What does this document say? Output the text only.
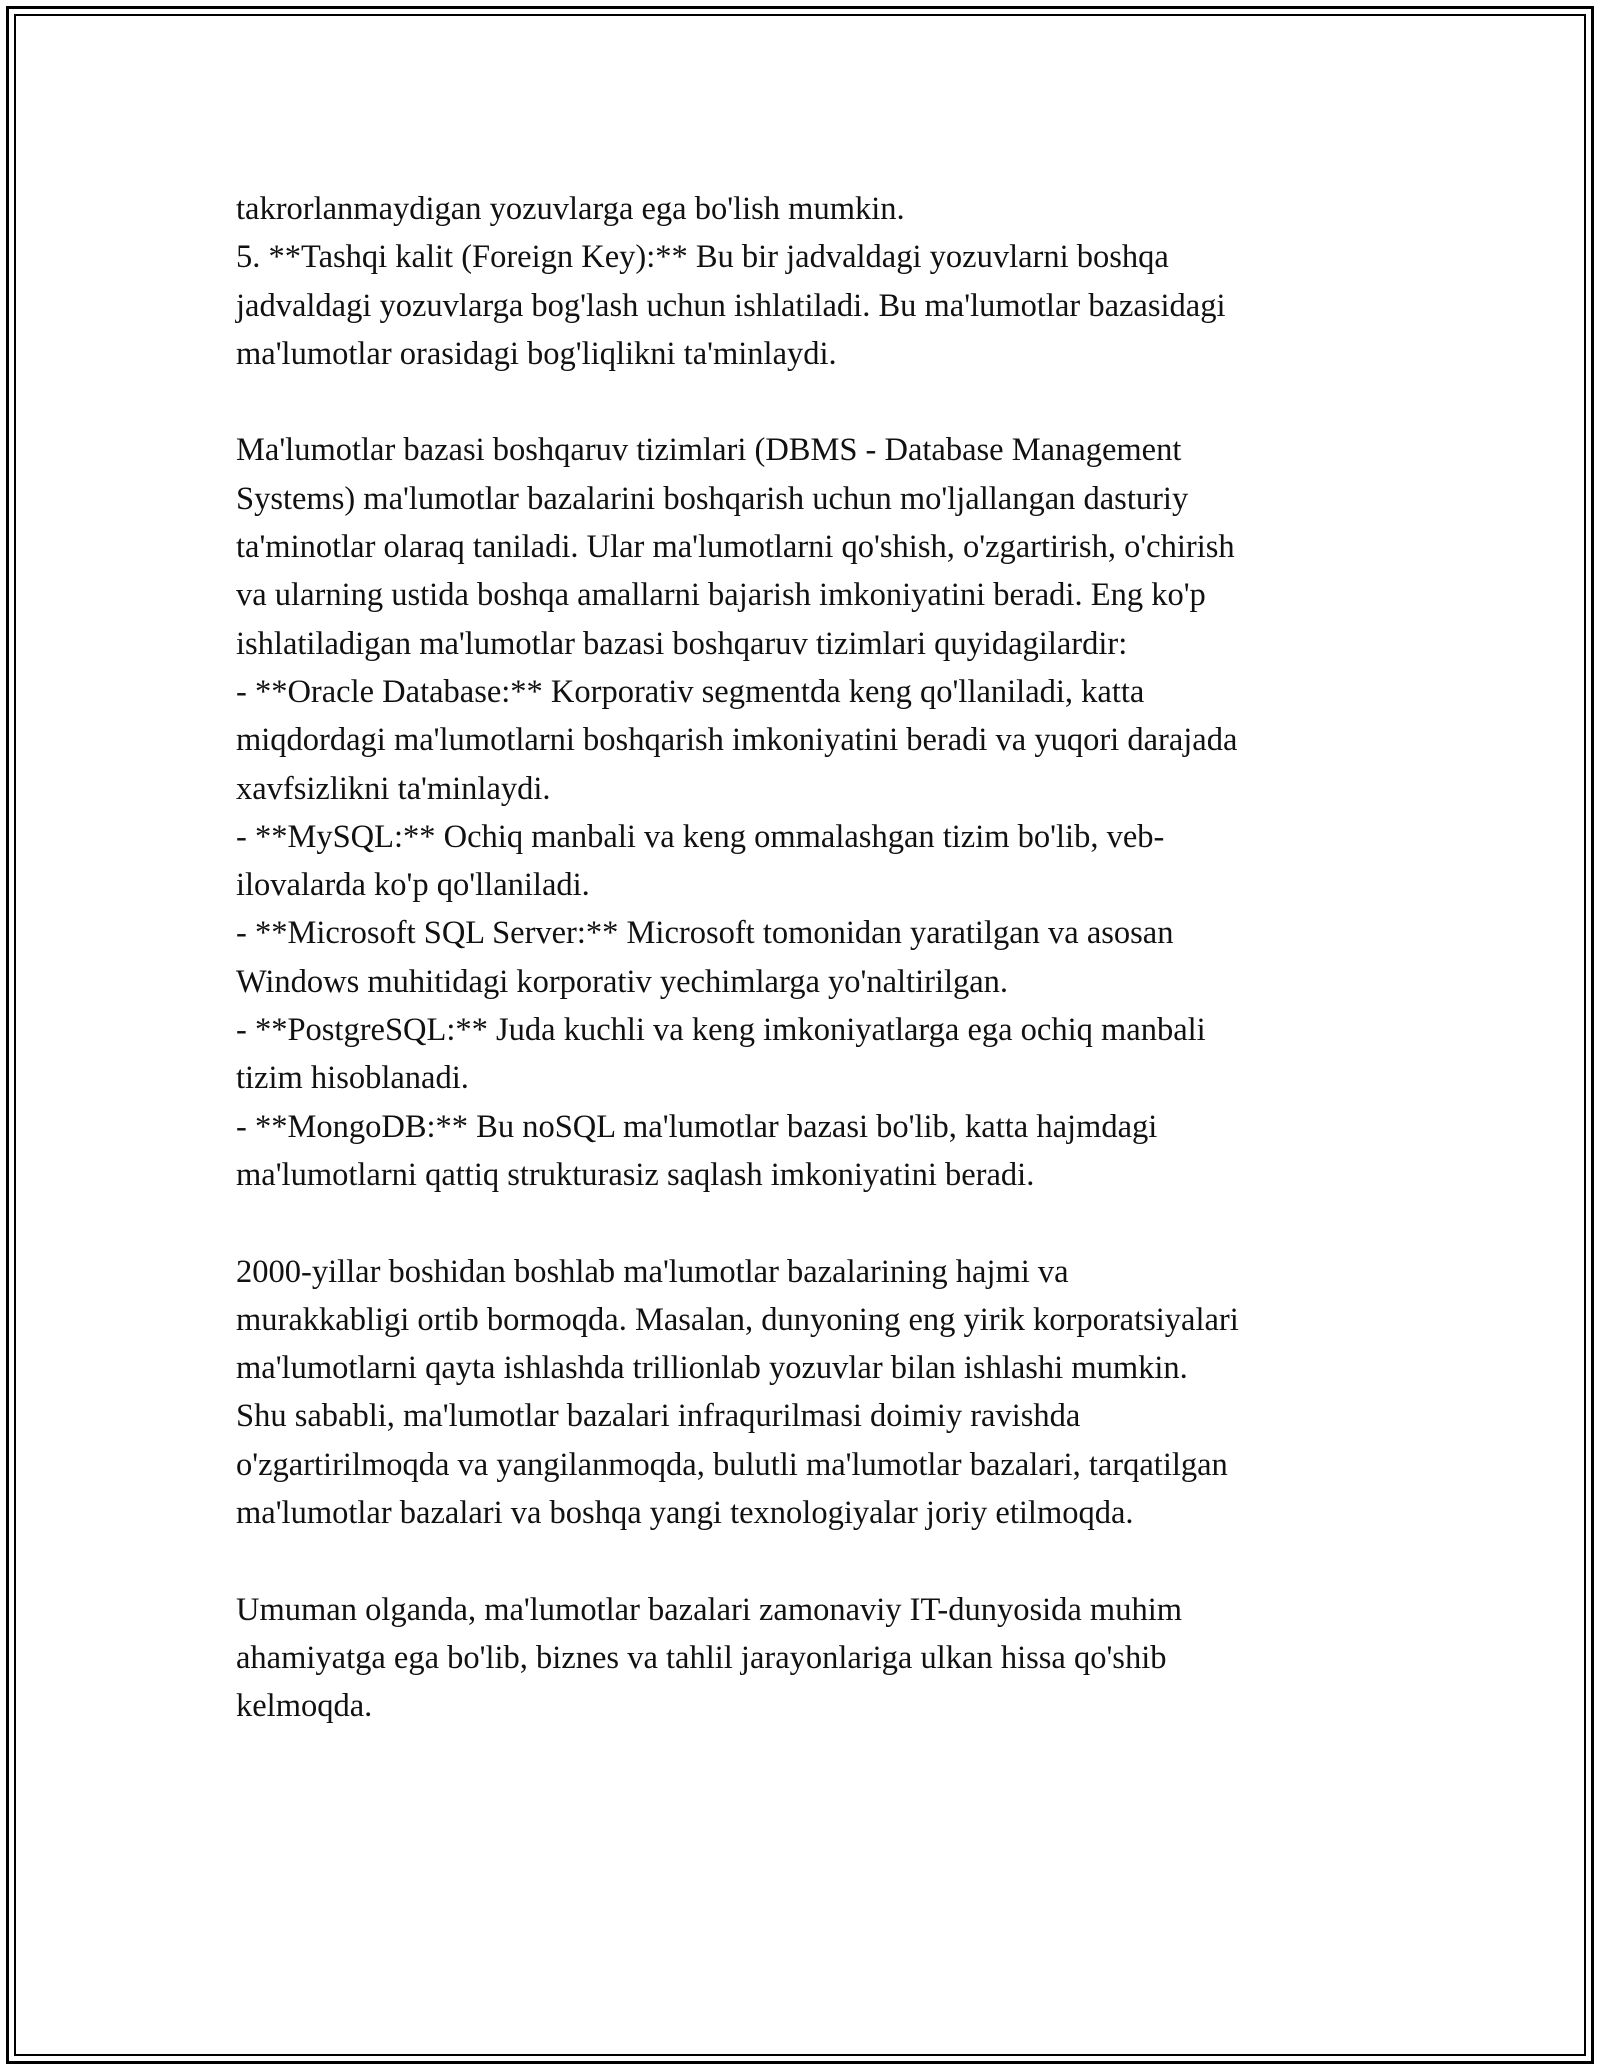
takrorlanmaydigan yozuvlarga ega bo'lish mumkin.
5. **Tashqi kalit (Foreign Key):** Bu bir jadvaldagi yozuvlarni boshqa
jadvaldagi yozuvlarga bog'lash uchun ishlatiladi. Bu ma'lumotlar bazasidagi
ma'lumotlar orasidagi bog'liqlikni ta'minlaydi.
Ma'lumotlar bazasi boshqaruv tizimlari (DBMS - Database Management
Systems) ma'lumotlar bazalarini boshqarish uchun mo'ljallangan dasturiy
ta'minotlar olaraq taniladi. Ular ma'lumotlarni qo'shish, o'zgartirish, o'chirish
va ularning ustida boshqa amallarni bajarish imkoniyatini beradi. Eng ko'p
ishlatiladigan ma'lumotlar bazasi boshqaruv tizimlari quyidagilardir:
- **Oracle Database:** Korporativ segmentda keng qo'llaniladi, katta
miqdordagi ma'lumotlarni boshqarish imkoniyatini beradi va yuqori darajada
xavfsizlikni ta'minlaydi.
- **MySQL:** Ochiq manbali va keng ommalashgan tizim bo'lib, veb-
ilovalarda ko'p qo'llaniladi.
- **Microsoft SQL Server:** Microsoft tomonidan yaratilgan va asosan
Windows muhitidagi korporativ yechimlarga yo'naltirilgan.
- **PostgreSQL:** Juda kuchli va keng imkoniyatlarga ega ochiq manbali
tizim hisoblanadi.
- **MongoDB:** Bu noSQL ma'lumotlar bazasi bo'lib, katta hajmdagi
ma'lumotlarni qattiq strukturasiz saqlash imkoniyatini beradi.
2000-yillar boshidan boshlab ma'lumotlar bazalarining hajmi va
murakkabligi ortib bormoqda. Masalan, dunyoning eng yirik korporatsiyalari
ma'lumotlarni qayta ishlashda trillionlab yozuvlar bilan ishlashi mumkin.
Shu sababli, ma'lumotlar bazalari infraqurilmasi doimiy ravishda
o'zgartirilmoqda va yangilanmoqda, bulutli ma'lumotlar bazalari, tarqatilgan
ma'lumotlar bazalari va boshqa yangi texnologiyalar joriy etilmoqda.
Umuman olganda, ma'lumotlar bazalari zamonaviy IT-dunyosida muhim
ahamiyatga ega bo'lib, biznes va tahlil jarayonlariga ulkan hissa qo'shib
kelmoqda.
